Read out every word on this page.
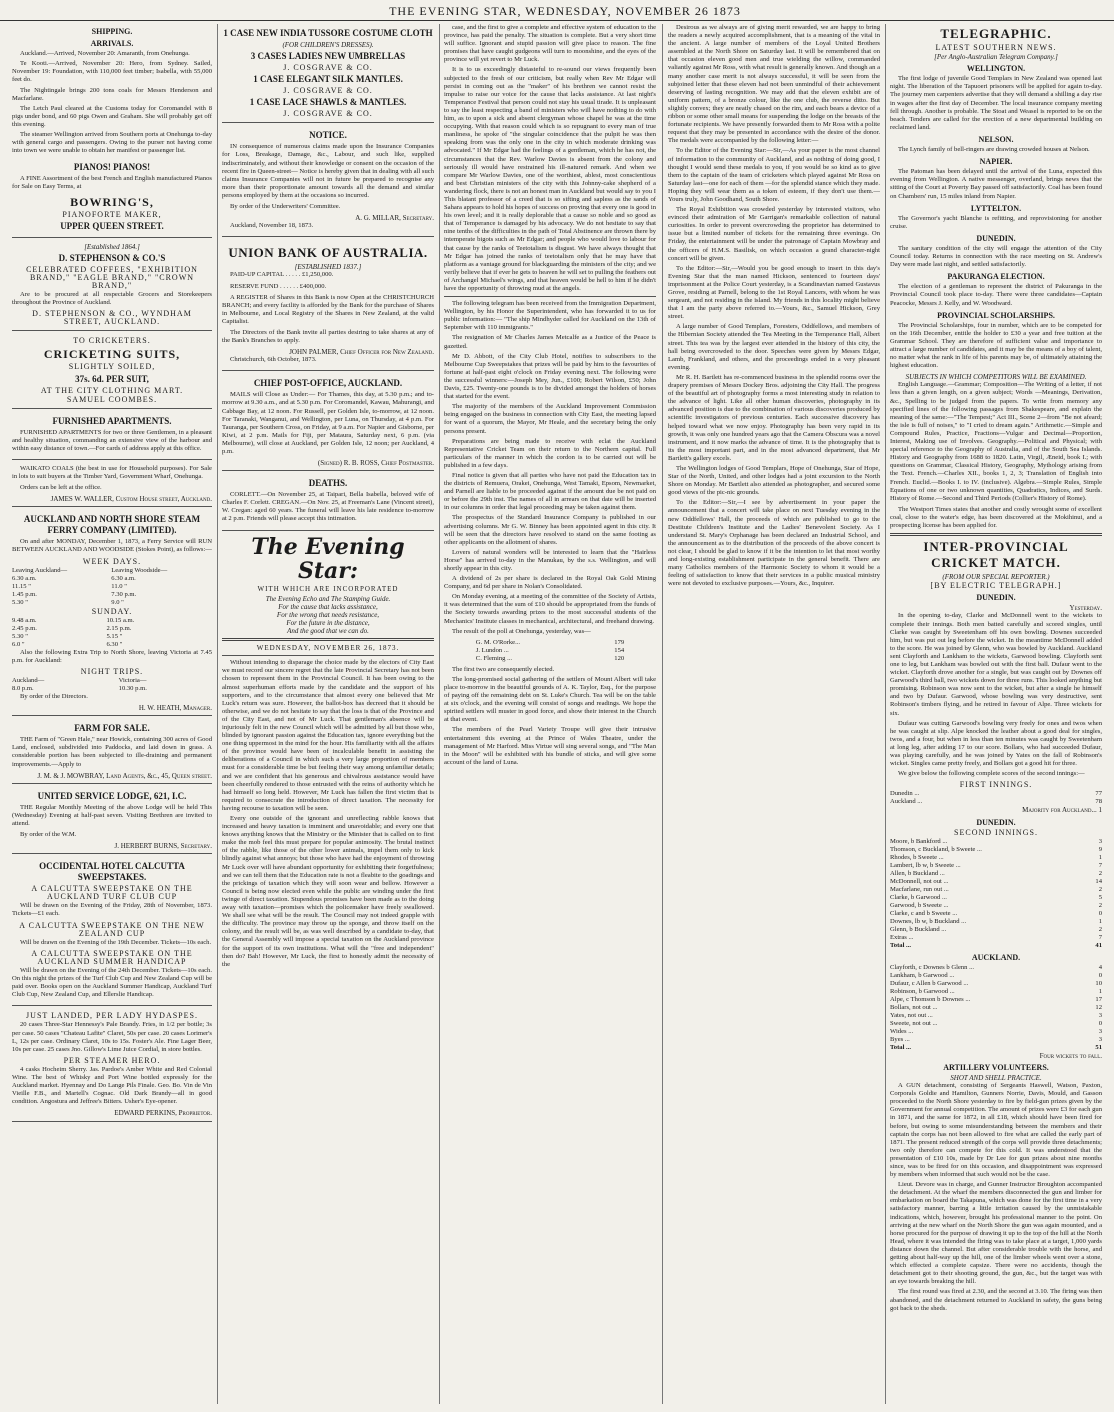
THE EVENING STAR, WEDNESDAY, NOVEMBER 26 1873
SHIPPING.
ARRIVALS.

Auckland.—Arrived, November 20: Amaranth, from Onehunga.

Te Kooti.—Arrived, November 20: Hero, from Sydney. Sailed, November 19: Foundation, with 110,000 feet timber; Isabella, with 55,000 feet do.

The Nightingale brings 200 tons coals for Messrs Henderson and Macfarlane.

The Letch Paul cleared at the Customs today for Coromandel with 8 pigs under bond, and 60 pigs Owen and Graham. She will probably get off this evening.

The steamer Wellington arrived from Southern ports at Onehunga to-day with general cargo and passengers. Owing to the purser not having come into town we were unable to obtain her manifest or passenger list.

PIANOS! PIANOS!

A FINE Assortment of the best French and English manufactured Pianos for Sale on Easy Terms, at

BOWRING'S,
PIANOFORTE MAKER,
UPPER QUEEN STREET.
[Established 1864.]
D. STEPHENSON & CO.'S
CELEBRATED COFFEES, "EXHIBITION BRAND," "EAGLE BRAND," "CROWN BRAND,"

Are to be procured at all respectable Grocers and Storekeepers throughout the Province of Auckland.

D. STEPHENSON & CO., WYNDHAM STREET, AUCKLAND.
TO CRICKETERS.
CRICKETING SUITS,
SLIGHTLY SOILED,
37s. 6d. PER SUIT,
AT THE CITY CLOTHING MART.
SAMUEL COOMBES.
FURNISHED APARTMENTS.

FURNISHED APARTMENTS for two or three Gentlemen, in a pleasant and healthy situation, commanding an extensive view of the harbour and within easy distance of town.—For cards of address apply at this office.

WAIKATO COALS (the best in use for Household purposes). For Sale in lots to suit buyers at the Timber Yard, Government Wharf, Onehunga.

Orders can be left at the office.

JAMES W. WALLER, Custom House street, Auckland.
AUCKLAND AND NORTH SHORE STEAM FERRY COMPANY (LIMITED).

On and after MONDAY, December 1, 1873, a Ferry Service will RUN BETWEEN AUCKLAND AND WOODSIDE (Stokes Point), as follows:—

WEEK DAYS.
Leaving Auckland—	Leaving Woodside—
6.30 a.m.	6.30 a.m.
11.15 "	11.0 "
1.45 p.m.	7.30 p.m.
5.30 "	9.0 "
SUNDAY.
9.48 a.m.	10.15 a.m.
2.45 p.m.	2.15 p.m.
5.30 "	5.15 "
6.0 "	6.30 "

Also the following Extra Trip to North Shore, leaving Victoria at 7.45 p.m. for Auckland:

NIGHT TRIPS.
Auckland—	Victoria—
8.0 p.m.	10.30 p.m.

By order of the Directors.

H. W. HEATH, Manager.
FARM FOR SALE.

THE Farm of "Green Hale," near Howick, containing 300 acres of Good Land, enclosed, subdivided into Paddocks, and laid down in grass. A considerable portion has been subjected to ille-draining and permanent improvements.—Apply to

J. M. & J. MOWBRAY, Land Agents, &c., 45, Queen street.
UNITED SERVICE LODGE, 621, I.C.

THE Regular Monthly Meeting of the above Lodge will be held This (Wednesday) Evening at half-past seven. Visiting Brethren are invited to attend.

By order of the W.M.

J. HERBERT BURNS, Secretary.
OCCIDENTAL HOTEL CALCUTTA SWEEPSTAKES.
A CALCUTTA SWEEPSTAKE ON THE AUCKLAND TURF CLUB CUP

Will be drawn on the Evening of the Friday, 28th of November, 1873. Tickets—£1 each.

A CALCUTTA SWEEPSTAKE ON THE NEW ZEALAND CUP

Will be drawn on the Evening of the 19th December. Tickets—10s each.

A CALCUTTA SWEEPSTAKE ON THE AUCKLAND SUMMER HANDICAP

Will be drawn on the Evening of the 24th December. Tickets—10s each. On this night the prizes of the Turf Club Cup and New Zealand Cup will be paid over. Books open on the Auckland Summer Handicap, Auckland Turf Club Cup, New Zealand Cup, and Ellerslie Handicap.

JUST LANDED, PER LADY HYDASPES.

20 cases Three-Star Hennessy's Pale Brandy. Fries, in 1/2 per bottle; 3s per case. 50 cases "Chateau Lafite" Claret, 50s per case. 20 cases Lorimer's L, 12s per case. Ordinary Claret, 10s to 15s. Foster's Ale. Fine Lager Beer, 10s per case. 25 cases Jno. Gillow's Lime Juice Cordial, in store bottles.

PER STEAMER HERO.

4 casks Hocheim Sherry. Jas. Pardoe's Amber White and Red Colonial Wine. The best of Whisky and Port Wine bottled expressly for the Auckland market. Hyennay and Do Lange Pils Finale. Geo. Bo. Vin de Vin Vieille F.B., and Martell's Cognac. Old Dark Brandy—all in good condition. Angostura and Jeffree's Bitters. Usher's Eye-opener.

EDWARD PERKINS, Proprietor.
1 CASE NEW INDIA TUSSORE COSTUME CLOTH
(FOR CHILDREN'S DRESSES).
3 CASES LADIES NEW UMBRELLAS
J. COSGRAVE & CO.
1 CASE ELEGANT SILK MANTLES.
J. COSGRAVE & CO.
1 CASE LACE SHAWLS & MANTLES.
J. COSGRAVE & CO.
NOTICE.

IN consequence of numerous claims made upon the Insurance Companies for Loss, Breakage, Damage, &c., Labour, and such like, supplied indiscriminately, and without their knowledge or consent on the occasion of the recent fire in Queen-street— Notice is hereby given that in dealing with all such claims Insurance Companies will not in future be prepared to recognise any more than their proportionate amount towards all the demand and similar persons employed by them at the occasions so incurred.

By order of the Underwriters' Committee.

A. G. MILLAR, Secretary.

Auckland, November 18, 1873.

UNION BANK OF AUSTRALIA.
[ESTABLISHED 1837.]

PAID-UP CAPITAL . . . . . £1,250,000.

RESERVE FUND . . . . . . £400,000.

A REGISTER of Shares in this Bank is now Open at the CHRISTCHURCH BRANCH; and every facility is afforded by the Bank for the purchase of Shares in Melbourne, and Local Registry of the Shares in New Zealand, at the valid Capitalist.

The Directors of the Bank invite all parties desiring to take shares at any of the Bank's Branches to apply.

JOHN PALMER, Chief Officer for New Zealand.

Christchurch, 6th October, 1873.

CHIEF POST-OFFICE, AUCKLAND.

MAILS will Close as Under:— For Thames, this day, at 5.30 p.m.; and to-morrow at 9.30 a.m., and at 5.30 p.m. For Coromandel, Kawau, Mahurangi, and Cabbage Bay, at 12 noon. For Russell, per Golden Isle, to-morrow, at 12 noon. For Taranaki, Wanganui, and Wellington, per Luna, on Thursday, at 4 p.m. For Tauranga, per Southern Cross, on Friday, at 9 a.m. For Napier and Gisborne, per Kiwi, at 2 p.m. Mails for Fiji, per Mataura, Saturday next, 6 p.m. (via Melbourne), will close at Auckland, per Golden Isle, 12 noon; per Auckland, 4 p.m.

(Signed) R. B. ROSS, Chief Postmaster.
DEATHS.

CORLETT.—On November 25, at Taipari, Bella Isabella, beloved wife of Charles F. Corlett. CREGAN.—On Nov. 25, at Freeman's Lane (Vincent street), W. Cregan: aged 60 years. The funeral will leave his late residence to-morrow at 2 p.m. Friends will please accept this intimation.

The Evening Star:
WITH WHICH ARE INCORPORATED
The Evening Echo and The Stamping Guide.
For the cause that lacks assistance,
For the wrong that needs resistance,
For the future in the distance,
And the good that we can do.
WEDNESDAY, NOVEMBER 26, 1873.

Without intending to disparage the choice made by the electors of City East we must record our sincere regret that the late Provincial Secretary has not been chosen to represent them in the Provincial Council. It has been owing to the almost superhuman efforts made by the candidate and the support of his supporters, and to the circumstance that almost every one believed that Mr Luck's return was sure. However, the ballot-box has decreed that it should be otherwise, and we do not hesitate to say that the loss is that of the Province and of the City East, and not of Mr Luck. That gentleman's absence will be injuriously felt in the new Council which will be admitted by all but those who, blinded by ignorant passion against the Education tax, ignore everything but the one thing uppermost in the mind for the hour. His familiarity with all the affairs of the province would have been of incalculable benefit in assisting the deliberations of a Council in which such a very large proportion of members must for a considerable time be but feeling their way among unfamiliar details; and we are confident that his generous and chivalrous assistance would have been cheerfully rendered to those entrusted with the reins of authority which he had himself so long held. However, Mr Luck has fallen the first victim that is required to consecrate the introduction of direct taxation. The necessity for having recourse to taxation will be seen.

Every one outside of the ignorant and unreflecting rabble knows that increased and heavy taxation is imminent and unavoidable; and every one that knows anything knows that the Ministry or the Minister that is called on to first make the mob feel this must prepare for popular animosity. The brutal instinct of the rabble, like those of the other lower animals, impel them only to kick blindly against what annoys; but those who have had the enjoyment of throwing Mr Luck over will have abundant opportunity for exhibiting their forgetfulness; and we can tell them that the Education rate is not a fleabite to the goadings and the prickings of taxation which they will soon wear and bellow. However a Council is being now elected even while the public are winding under the first twinge of direct taxation. Stupendous promises have been made as to the doing away with taxation—promises which the policemaker have freely swallowed. We shall see what will be the result. The Council may not indeed grapple with the difficulty. The province may throw up the sponge, and throw itself on the colony, and the result will be, as was well described by a candidate to-day, that the General Assembly will impose a special taxation on the Auckland province for the support of its own institutions. What will the "free and independent" then do? Bah! However, Mr Luck, the first to honestly admit the necessity of the

case, and the first to give a complete and effective system of education to the province, has paid the penalty. The situation is complete. But a very short time will suffice. Ignorant and stupid passion will give place to reason. The fine promises that have caught gudgeons will turn to moonshine, and the eyes of the province will yet revert to Mr Luck.

It is to us exceedingly distasteful to re-sound our views frequently been subjected to the fresh of our criticism, but really when Rev Mr Edgar will persist in coming out as the "maker" of his brethren we cannot resist the impulse to raise our voice for the cause that lacks assistance. At last night's Temperance Festival that person could not stay his usual tirade. It is unpleasant to say the least respecting a band of ministers who will have nothing to do with him, as to upon a sick and absent clergyman whose chapel he was at the time occupying. With that reason could which is so repugnant to every man of true manliness, he spoke of "the singular coincidence that the pulpit he was then speaking from was the only one in the city in which moderate drinking was advocated." If Mr Edgar had the feelings of a gentleman, which he has not, the circumstances that the Rev. Warlow Davies is absent from the colony and seriously ill would have restrained his ill-natured remark. And when we compare Mr Warlow Davies, one of the worthiest, ablest, most conscientious and best Christian ministers of the city with this Johnny-cake shepherd of a wandering flock, there is not an honest man in Auckland but would say to you I This blatant professor of a creed that is so sifting and sapless as the sands of Sahara appears to hold his hopes of success on proving that every one is good in his own level; and it is really deplorable that a cause so noble and so good as that of Temperance is damaged by his advocacy. We do not hesitate to say that nine tenths of the difficulties in the path of Total Abstinence are thrown there by intemperate bigots such as Mr Edgar; and people who would love to labour for that cause by the ranks of Teetotalism is disgust. We have always thought that Mr Edgar has joined the ranks of teetotalism only that he may have that platform as a vantage ground for blackguarding the ministers of the city; and we verily believe that if ever he gets to heaven he will set to pulling the feathers out of Archangel Michael's wings, and that heaven would be hell to him if he didn't have the opportunity of throwing mud at the angels.

The following telegram has been received from the Immigration Department, Wellington, by his Honor the Superintendent, who has forwarded it to us for public information:— "The ship Mindhyder called for Auckland on the 13th of September with 110 immigrants."

The resignation of Mr Charles James Metcalfe as a Justice of the Peace is gazetted.

Mr D. Abbott, of the City Club Hotel, notifies to subscribers to the Melbourne Cup Sweepstakes that prizes will be paid by him to the favourites of fortune at half-past eight o'clock on Friday evening next. The following were the successful winners:—Joseph Mey, Jun., £100; Robert Wilson, £50; John Davis, £25. Twenty-one pounds is to be divided amongst the holders of horses that started for the event.

The majority of the members of the Auckland Improvement Commission being engaged on the business in connection with City East, the meeting lapsed for want of a quorum, the Mayor, Mr Heale, and the secretary being the only persons present.

Preparations are being made to receive with eclat the Auckland Representative Cricket Team on their return to the Northern capital. Full particulars of the manner in which the cordon is to be carried out will be published in a few days.

Final notice is given that all parties who have not paid the Education tax in the districts of Remuera, Orakei, Onehunga, West Tamaki, Epsom, Newmarket, and Parnell are liable to be proceeded against if the amount due be not paid on or before the 29th inst. The names of all in arrears on that date will be inserted in our columns in order that legal proceeding may be taken against them.

The prospectus of the Standard Insurance Company is published in our advertising columns. Mr G. W. Binney has been appointed agent in this city. It will be seen that the directors have resolved to stand on the same footing as other applicants on the allotment of shares.

Lovers of natural wonders will be interested to learn that the "Hairless Horse" has arrived to-day in the Manukau, by the s.s. Wellington, and will shortly appear in this city.

A dividend of 2s per share is declared in the Royal Oak Gold Mining Company, and 6d per share in Nolan's Consolidated.

On Monday evening, at a meeting of the committee of the Society of Artists, it was determined that the sum of £10 should be appropriated from the funds of the Society towards awarding prizes to the most successful students of the Mechanics' Institute classes in mechanical, architectural, and freehand drawing.

The result of the poll at Onehunga, yesterday, was—

G. M. O'Rorke...	179
J. Lundon ...	154
C. Fleming ...	120

The first two are consequently elected.

The long-promised social gathering of the settlers of Mount Albert will take place to-morrow in the beautiful grounds of A. K. Taylor, Esq., for the purpose of paying off the remaining debt on St. Luke's Church. Tea will be on the table at six o'clock, and the evening will consist of songs and readings. We hope the spirited settlers will muster in good force, and show their interest in the Church at that event.

The members of the Pearl Variety Troupe will give their intrusive entertainment this evening at the Prince of Wales Theatre, under the management of Mr Harford. Miss Virtue will sing several songs, and "The Man in the Moon" will be exhibited with his bundle of sticks, and will give some account of the land of Luna.

Desirous as we always are of giving merit rewarded, we are happy to bring the readers a newly acquired accomplishment, that is a meaning of the vital in the ancient. A large number of members of the Loyal United Brothers assembled at the North Shore on Saturday last. It will be remembered that on that occasion eleven good men and true wielding the willow, commanded valiantly against Mr Ross, with what result is generally known. And though an a many another case merit is not always successful, it will be seen from the subjoined letter that these eleven had not been unmindful of their achievement deserving of lasting recognition. We may add that the eleven exhibit are of uniform pattern, of a bronze colour, like the one club, the reverse ditto. But slightly convex; they are neatly chased on the rim, and each bears a device of a ribbon or some other small means for suspending the lodge on the breasts of the fortunate recipients. We have presently forwarded them to Mr Ross with a polite request that they may be presented in accordance with the desire of the donor. The medals were accompanied by the following letter:—

To the Editor of the Evening Star:—Sir,—As your paper is the most channel of information to the community of Auckland, and as nothing of doing good, I thought I would send these medals to you, if you would be so kind as to give them to the captain of the team of cricketers which played against Mr Ross on Saturday last—one for each of them —for the splendid stance which they made. Hoping they will wear them as a token of esteem, if they don't use them.—Yours truly, John Goodhand, South Shore.

The Royal Exhibition was crowded yesterday by interested visitors, who evinced their admiration of Mr Garrigan's remarkable collection of natural curiosities. In order to prevent overcrowding the proprietor has determined to issue but a limited number of tickets for the remaining three evenings. On Friday, the entertainment will be under the patronage of Captain Mowbray and the officers of H.M.S. Basilisk, on which occasion a grand character-night concert will be given.

To the Editor:—Sir,—Would you be good enough to insert in this day's Evening Star that the man named Hickson, sentenced to fourteen days' imprisonment at the Police Court yesterday, is a Scandinavian named Gustavus Grove, residing at Parnell, belong to the 1st Royal Lancers, with whom he was sergeant, and not residing in the island. My friends in this locality might believe that I am the party above referred to.—Yours, &c., Samuel Hickson, Grey street.

A large number of Good Templars, Foresters, Oddfellows, and members of the Hibernian Society attended the Tea Meeting in the Temperance Hall, Albert street. This tea was by the largest ever attended in the history of this city, the hall being overcrowded to the door. Speeches were given by Messrs Edgar, Lamb, Frankland, and others, and the proceedings ended in a very pleasant evening.

Mr R. H. Bartlett has re-commenced business in the splendid rooms over the drapery premises of Messrs Dockey Bros. adjoining the City Hall. The progress of the beautiful art of photography forms a most interesting study in relation to the advance of light. Like all other human discoveries, photography in its advanced position is due to the combination of various discoveries produced by scientific investigators of previous centuries. Each successive discovery has helped toward what we now enjoy. Photography has been very rapid in its growth, it was only one hundred years ago that the Camera Obscura was a novel instrument, and it now marks the advance of time. It is the photography that is its the most important part, and in the most advanced department, that Mr Bartlett's gallery excels.

The Wellington lodges of Good Templars, Hope of Onehunga, Star of Hope, Star of the North, United, and other lodges had a joint excursion to the North Shore on Monday. Mr Bartlett also attended as photographer, and secured some good views of the pic-nic grounds.

To the Editor:—Sir,—I see by advertisement in your paper the announcement that a concert will take place on next Tuesday evening in the new Oddfellows' Hall, the proceeds of which are published to go to the Destitute Children's Institute and the Ladies' Benevolent Society. As I understand St. Mary's Orphanage has been declared an Industrial School, and the announcement as to the distribution of the proceeds of the above concert is not clear, I should be glad to know if it be the intention to let that most worthy and long-existing establishment participate in the general benefit. There are many Catholics members of the Harmonic Society to whom it would be a feeling of satisfaction to know that their services in a public musical ministry were not devoted to exclusive purposes.—Yours, &c., Inquirer.

TELEGRAPHIC.
LATEST SOUTHERN NEWS.
[Per Anglo-Australian Telegram Company.]
WELLINGTON.

The first lodge of juvenile Good Templars in New Zealand was opened last night. The liberation of the Tapuoeri prisoners will be applied for again to-day. The journey men carpenters advertise that they will demand a shilling a day rise in wages after the first day of December. The local insurance company meeting fell through. Another is probable. The Stoat and Weasel is reported to be on the beach. Tenders are called for the erection of a new departmental building on reclaimed land.

NELSON.

The Lynch family of bell-ringers are drawing crowded houses at Nelson.

NAPIER.

The Patoman has been delayed until the arrival of the Luna, expected this evening from Wellington. A native messenger, overland, brings news that the sitting of the Court at Poverty Bay passed off satisfactorily. Coal has been found on Chambers' run, 15 miles inland from Napier.

LYTTELTON.

The Governor's yacht Blanche is refitting, and reprovisioning for another cruise.

DUNEDIN.

The sanitary condition of the city will engage the attention of the City Council today. Returns in connection with the race meeting on St. Andrew's Day were made last night, and settled satisfactorily.

PAKURANGA ELECTION.

The election of a gentleman to represent the district of Pakuranga in the Provincial Council took place to-day. There were three candidates—Captain Peacocke, Messrs J. Kelly, and W. Woodward.

PROVINCIAL SCHOLARSHIPS.

The Provincial Scholarships, four in number, which are to be competed for on the 16th December, entitle the holder to £30 a year and free tuition at the Grammar School. They are therefore of sufficient value and importance to attract a large number of candidates, and it may be the means of a boy of talent, no matter what the rank in life of his parents may be, of ultimately attaining the highest education.

SUBJECTS IN WHICH COMPETITORS WILL BE EXAMINED.

English Language.—Grammar; Composition—The Writing of a letter, if not less than a given length, on a given subject; Words —Meanings, Derivation, &c., Spelling to be judged from the papers. To write from memory any specified lines of the following passages from Shakespeare, and explain the meaning of the same:—"The Tempest;" Act III., Scene 2—from "Be not afeard; the isle is full of noises," to "I cried to dream again." Arithmetic.—Simple and Compound Rules, Practice, Fractions—Vulgar and Decimal—Proportion, Interest, Making use of Involves. Geography.—Political and Physical; with special reference to the Geography of Australia, and of the South Sea Islands. History and Geography from 1688 to 1820. Latin, Virgil, Æneid, book I.; with questions on Grammar, Classical History, Geography, Mythology arising from the Text. French.—Charles XII., books 1, 2, 3; Translation of English into French. Euclid.—Books I. to IV. (inclusive). Algebra.—Simple Rules, Simple Equations of one or two unknown quantities, Quadratics, Indices, and Surds. History of Rome.—Second and Third Periods (Collier's History of Rome).

The Westport Times states that another and costly wrought some of excellent coal, close to the water's edge, has been discovered at the Mokihinui, and a prospecting license has been applied for.

INTER-PROVINCIAL CRICKET MATCH.
(FROM OUR SPECIAL REPORTER.)
[BY ELECTRIC TELEGRAPH.]
DUNEDIN.
Yesterday.

In the opening to-day, Clarke and McDonnell went to the wickets to complete their innings. Both men batted carefully and scored singles, until Clarke was caught by Sweetenham off his own bowling. Downes succeeded him, but was put out leg before the wicket. In the meantime McDonnell added to the score. He was joined by Glenn, who was bowled by Auckland. Auckland sent Clayforth and Lankham to the wickets, Garwood bowling. Clayforth sent one to leg, but Lankham was bowled out with the first ball. Dufaur went to the wicket. Clayforth drove another for a single, but was caught out by Downes off Garwood's third ball, two wickets down for three runs. This looked anything but promising. Robinson was now sent to the wicket, but after a single he himself and two by Dufaur. Garwood, whose bowling was very destructive, sent Robinson's timbers flying, and he retired in favour of Alpe. Three wickets for six.

Dufaur was cutting Garwood's bowling very freely for ones and twos when he was caught at slip. Alpe knocked the leather about a good deal for singles, twos, and a four, but when in less than ten minutes was caught by Sweetenham at long leg, after adding 17 to our score. Bollars, who had succeeded Dufaur, was playing carefully, and he was joined by Yates on the fall of Robinson's wicket. Singles came pretty freely, and Bollars got a good hit for three.

We give below the following complete scores of the second innings:—

FIRST INNINGS.
Dunedin ...	77
Auckland ...	78
Majority for Auckland... 1
DUNEDIN.
SECOND INNINGS.
Moore, b Bankford ...	3
Thomson, c Buckland, b Sweete ...	9
Rhodes, b Sweete ...	1
Lambert, lb w, b Sweete ...	7
Allen, b Buckland ...	2
McDonnell, not out ...	14
Macfarlane, run out ...	2
Clarke, b Garwood ...	5
Garwood, b Sweete ...	2
Clarke, c and b Sweete ...	0
Downes, lb w, b Buckland ...	1
Glenn, b Buckland ...	2
Extras ...	7
Total ...	41
AUCKLAND.
Clayforth, c Downes b Glenn ...	4
Lankham, b Garwood ...	0
Dufaur, c Allen b Garwood ...	10
Robinson, b Garwood ...	1
Alpe, c Thomson b Downes ...	17
Bollars, not out ...	12
Yates, not out ...	3
Sweete, not out ...	0
Wides ...	3
Byes ...	3
Total ...	51
Four wickets to fall.
ARTILLERY VOLUNTEERS.
SHOT AND SHELL PRACTICE.

A GUN detachment, consisting of Sergeants Haswell, Watson, Paxton, Corporals Goldie and Hamilton, Gunners Norrie, Davis, Mould, and Gasson proceeded to the North Shore yesterday to fire by field-gun prizes given by the Government for annual competition. The amount of prizes were £3 for each gun in 1871, and the same for 1872, in all £18, which should have been fired for before, but owing to some misunderstanding between the members and their captain the corps has not been allowed to fire what are called the early part of 1871. The present reduced strength of the corps will provide three detachments; two only therefore can compete for this cold. It was understood that the presentation of £10 10s, made by Dr Lee for gun prizes about nine months since, was to be fired for on this occasion, and disappointment was expressed by members when informed that such would not be the case.

Lieut. Devore was in charge, and Gunner Instructor Broughton accompanied the detachment. At the wharf the members disconnected the gun and limber for embarkation on board the Takapuna, which was done for the first time in a very satisfactory manner, barring a little irritation caused by the unmistakable indications, which, however, brought his professional manner to the point. On arriving at the new wharf on the North Shore the gun was again mounted, and a horse procured for the purpose of drawing it up to the top of the hill at the North Head, where it was intended the firing was to take place at a target, 1,000 yards distance down the channel. But after considerable trouble with the horse, and getting about half-way up the hill, one of the limber wheels went over a stone, which effected a complete capsize. There were no accidents, though the detachment got to their shooting ground, the gun, &c., but the target was with an eye towards breaking the hill.

The first round was fired at 2.30, and the second at 3.10. The firing was then abandoned, and the detachment returned to Auckland in safety, the guns being got back to the sheds.
